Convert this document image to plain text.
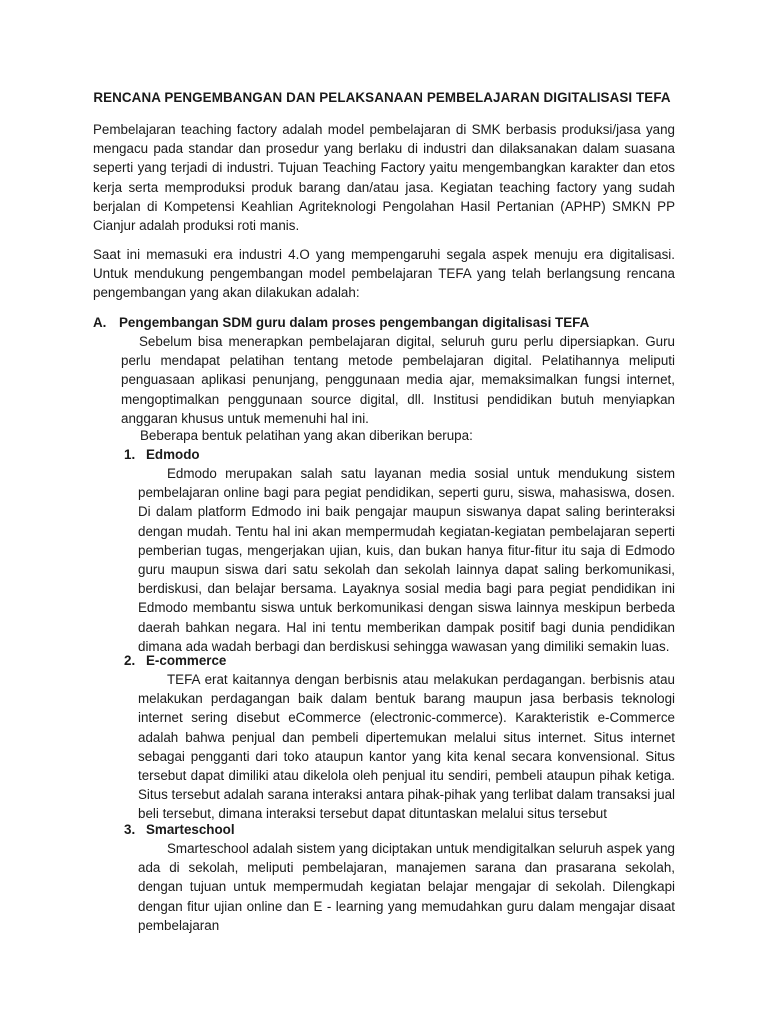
RENCANA PENGEMBANGAN DAN PELAKSANAAN PEMBELAJARAN DIGITALISASI TEFA

Pembelajaran teaching factory adalah model pembelajaran di SMK berbasis produksi/jasa yang mengacu pada standar dan prosedur yang berlaku di industri dan dilaksanakan dalam suasana seperti yang terjadi di industri. Tujuan Teaching Factory yaitu mengembangkan karakter dan etos kerja serta memproduksi produk barang dan/atau jasa. Kegiatan teaching factory yang sudah berjalan di Kompetensi Keahlian Agriteknologi Pengolahan Hasil Pertanian (APHP) SMKN PP Cianjur adalah produksi roti manis.

Saat ini memasuki era industri 4.O yang mempengaruhi segala aspek menuju era digitalisasi. Untuk mendukung pengembangan model pembelajaran TEFA yang telah berlangsung rencana pengembangan yang akan dilakukan adalah:

A. Pengembangan SDM guru dalam proses pengembangan digitalisasi TEFA

Sebelum bisa menerapkan pembelajaran digital, seluruh guru perlu dipersiapkan. Guru perlu mendapat pelatihan tentang metode pembelajaran digital. Pelatihannya meliputi penguasaan aplikasi penunjang, penggunaan media ajar, memaksimalkan fungsi internet, mengoptimalkan penggunaan source digital, dll. Institusi pendidikan butuh menyiapkan anggaran khusus untuk memenuhi hal ini.

Beberapa bentuk pelatihan yang akan diberikan berupa:
1. Edmodo

Edmodo merupakan salah satu layanan media sosial untuk mendukung sistem pembelajaran online bagi para pegiat pendidikan, seperti guru, siswa, mahasiswa, dosen. Di dalam platform Edmodo ini baik pengajar maupun siswanya dapat saling berinteraksi dengan mudah. Tentu hal ini akan mempermudah kegiatan-kegiatan pembelajaran seperti pemberian tugas, mengerjakan ujian, kuis, dan bukan hanya fitur-fitur itu saja di Edmodo guru maupun siswa dari satu sekolah dan sekolah lainnya dapat saling berkomunikasi, berdiskusi, dan belajar bersama. Layaknya sosial media bagi para pegiat pendidikan ini Edmodo membantu siswa untuk berkomunikasi dengan siswa lainnya meskipun berbeda daerah bahkan negara. Hal ini tentu memberikan dampak positif bagi dunia pendidikan dimana ada wadah berbagi dan berdiskusi sehingga wawasan yang dimiliki semakin luas.

2. E-commerce

TEFA erat kaitannya dengan berbisnis atau melakukan perdagangan. berbisnis atau melakukan perdagangan baik dalam bentuk barang maupun jasa berbasis teknologi internet sering disebut eCommerce (electronic-commerce). Karakteristik e-Commerce adalah bahwa penjual dan pembeli dipertemukan melalui situs internet. Situs internet sebagai pengganti dari toko ataupun kantor yang kita kenal secara konvensional. Situs tersebut dapat dimiliki atau dikelola oleh penjual itu sendiri, pembeli ataupun pihak ketiga. Situs tersebut adalah sarana interaksi antara pihak-pihak yang terlibat dalam transaksi jual beli tersebut, dimana interaksi tersebut dapat dituntaskan melalui situs tersebut

3. Smarteschool

Smarteschool adalah sistem yang diciptakan untuk mendigitalkan seluruh aspek yang ada di sekolah, meliputi pembelajaran, manajemen sarana dan prasarana sekolah, dengan tujuan untuk mempermudah kegiatan belajar mengajar di sekolah. Dilengkapi dengan fitur ujian online dan E - learning yang memudahkan guru dalam mengajar disaat pembelajaran
